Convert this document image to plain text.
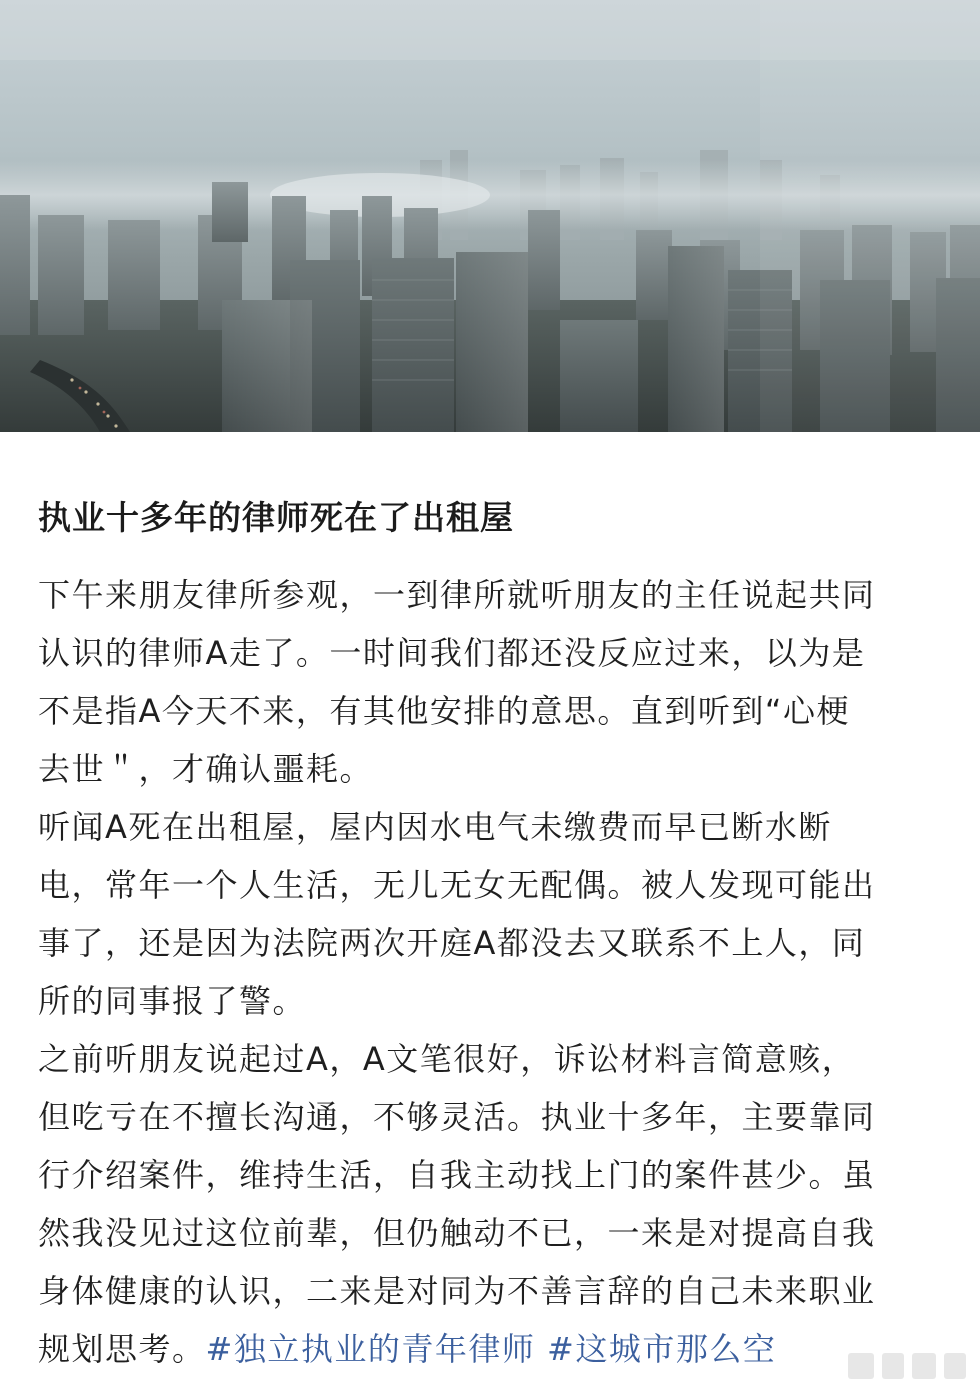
执业十多年的律师死在了出租屋

下午来朋友律所参观，一到律所就听朋友的主任说起共同
认识的律师A走了。一时间我们都还没反应过来，以为是
不是指A今天不来，有其他安排的意思。直到听到“心梗
去世＂，才确认噩耗。

听闻A死在出租屋，屋内因水电气未缴费而早已断水断
电，常年一个人生活，无儿无女无配偶。被人发现可能出
事了，还是因为法院两次开庭A都没去又联系不上人，同
所的同事报了警。

之前听朋友说起过A，A文笔很好，诉讼材料言简意赅，
但吃亏在不擅长沟通，不够灵活。执业十多年，主要靠同
行介绍案件，维持生活，自我主动找上门的案件甚少。虽
然我没见过这位前辈，但仍触动不已，一来是对提高自我
身体健康的认识，二来是对同为不善言辞的自己未来职业
规划思考。#独立执业的青年律师 #这城市那么空
